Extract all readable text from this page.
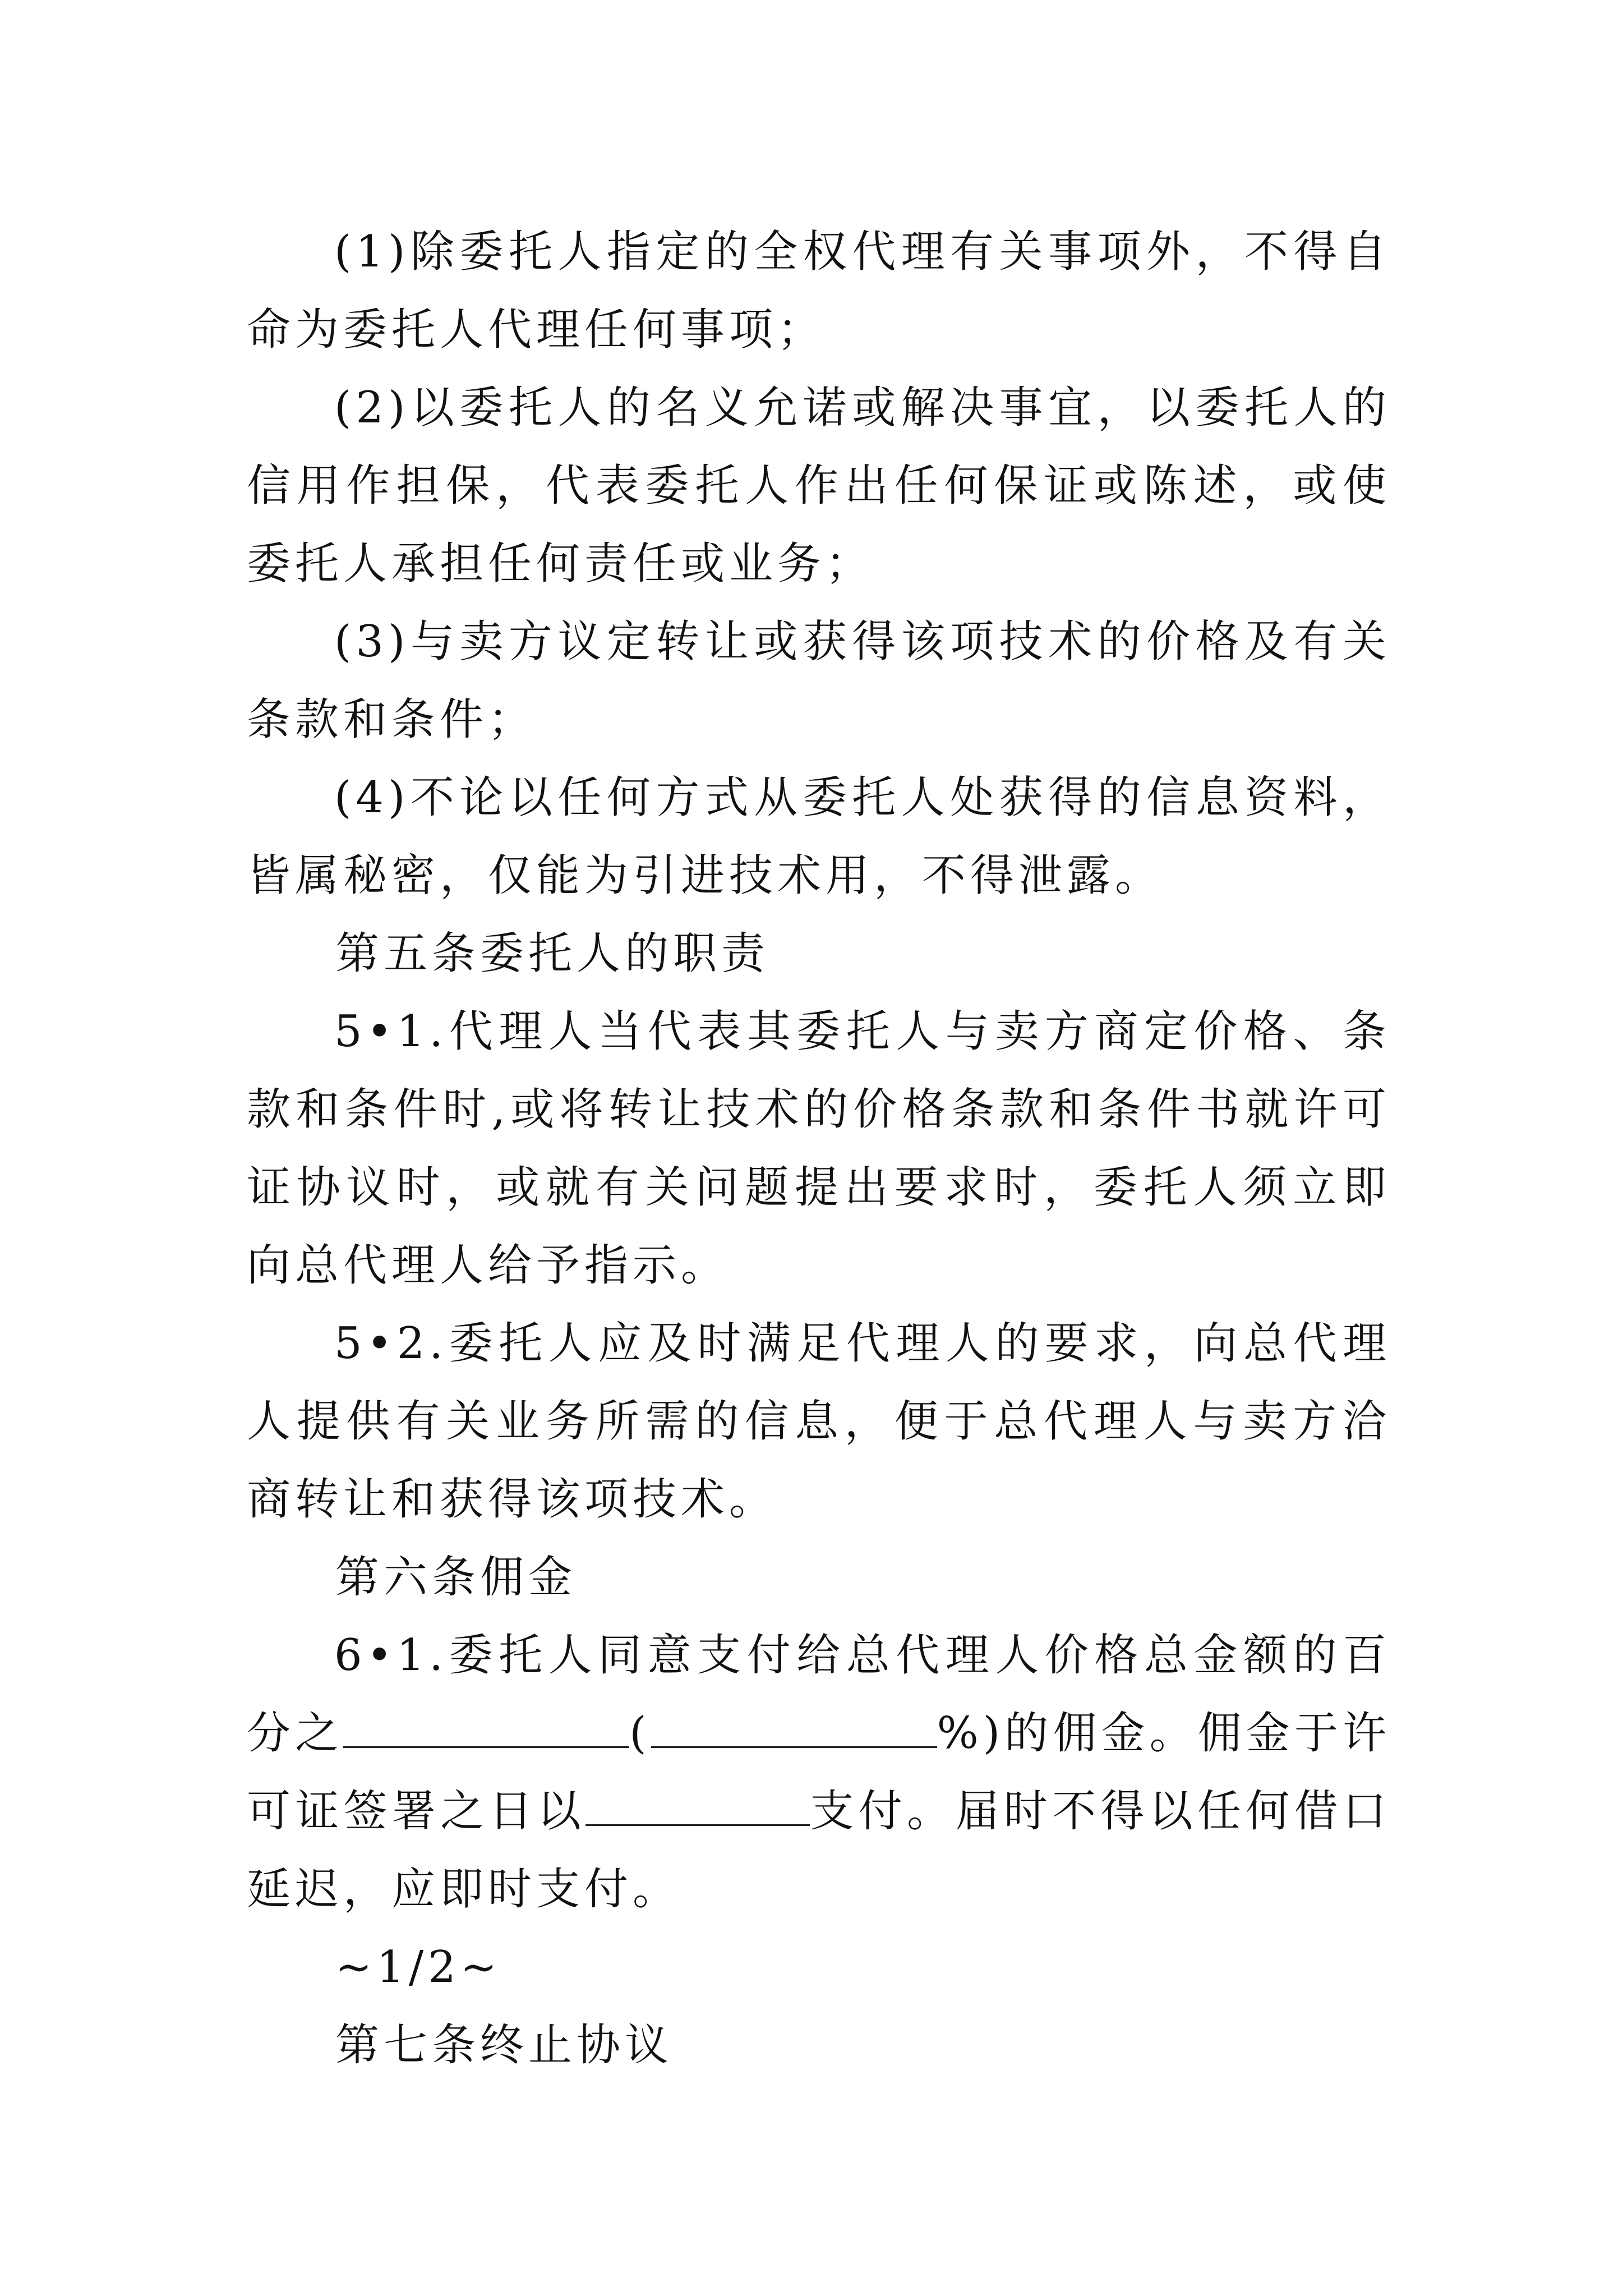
(1)除委托人指定的全权代理有关事项外，不得自命为委托人代理任何事项；

(2)以委托人的名义允诺或解决事宜，以委托人的信用作担保，代表委托人作出任何保证或陈述，或使委托人承担任何责任或业务；

(3)与卖方议定转让或获得该项技术的价格及有关条款和条件；

(4)不论以任何方式从委托人处获得的信息资料，皆属秘密，仅能为引进技术用，不得泄露。

第五条委托人的职责

5•1.代理人当代表其委托人与卖方商定价格、条款和条件时,或将转让技术的价格条款和条件书就许可证协议时，或就有关问题提出要求时，委托人须立即向总代理人给予指示。

5•2.委托人应及时满足代理人的要求，向总代理人提供有关业务所需的信息，便于总代理人与卖方洽商转让和获得该项技术。

第六条佣金

6•1.委托人同意支付给总代理人价格总金额的百分之	(	%)的佣金。佣金于许可证签署之日以	支付。届时不得以任何借口延迟，应即时支付。

~1/2~

第七条终止协议
